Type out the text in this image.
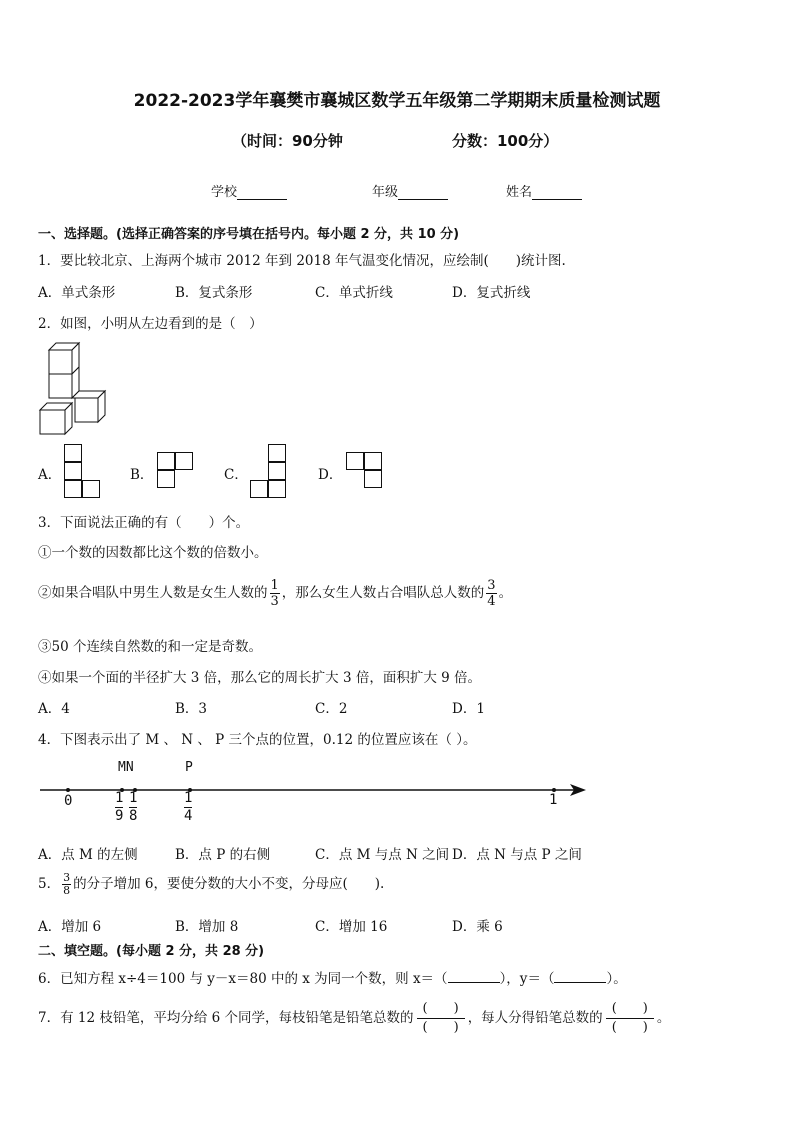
2022-2023学年襄樊市襄城区数学五年级第二学期期末质量检测试题
（时间：90分钟	分数：100分）
学校	年级	姓名
一、选择题。(选择正确答案的序号填在括号内。每小题 2 分，共 10 分)
1．要比较北京、上海两个城市 2012 年到 2018 年气温变化情况，应绘制(　　)统计图.
A．单式条形	B．复式条形	C．单式折线	D．复式折线
2．如图，小明从左边看到的是（　）
A．	B．	C．	D．
3．下面说法正确的有（　　）个。
①一个数的因数都比这个数的倍数小。
②如果合唱队中男生人数是女生人数的 $\frac{1}{3}$ ，那么女生人数占合唱队总人数的 $\frac{3}{4}$ 。
③50 个连续自然数的和一定是奇数。
④如果一个面的半径扩大 3 倍，那么它的周长扩大 3 倍，面积扩大 9 倍。
A．4	B．3	C．2	D．1
4．下图表示出了 M 、 N 、 P 三个点的位置，0.12 的位置应该在（ ）。
MN	P
0	1
1
9
1
8
1
4
A．点 M 的左侧	B．点 P 的右侧	C．点 M 与点 N 之间 D．点 N 与点 P 之间
5． $\frac{3}{8}$ 的分子增加 6，要使分数的大小不变，分母应(　　).
A．增加 6	B．增加 8	C．增加 16	D．乘 6
二、填空题。(每小题 2 分，共 28 分)
6．已知方程 x÷4＝100 与 y－x＝80 中的 x 为同一个数，则 x＝（	），y＝（	）。
7．有 12 枝铅笔，平均分给 6 个同学，每枝铅笔是铅笔总数的 $\frac{( )}{( )}$ ，每人分得铅笔总数的 $\frac{( )}{( )}$ 。
